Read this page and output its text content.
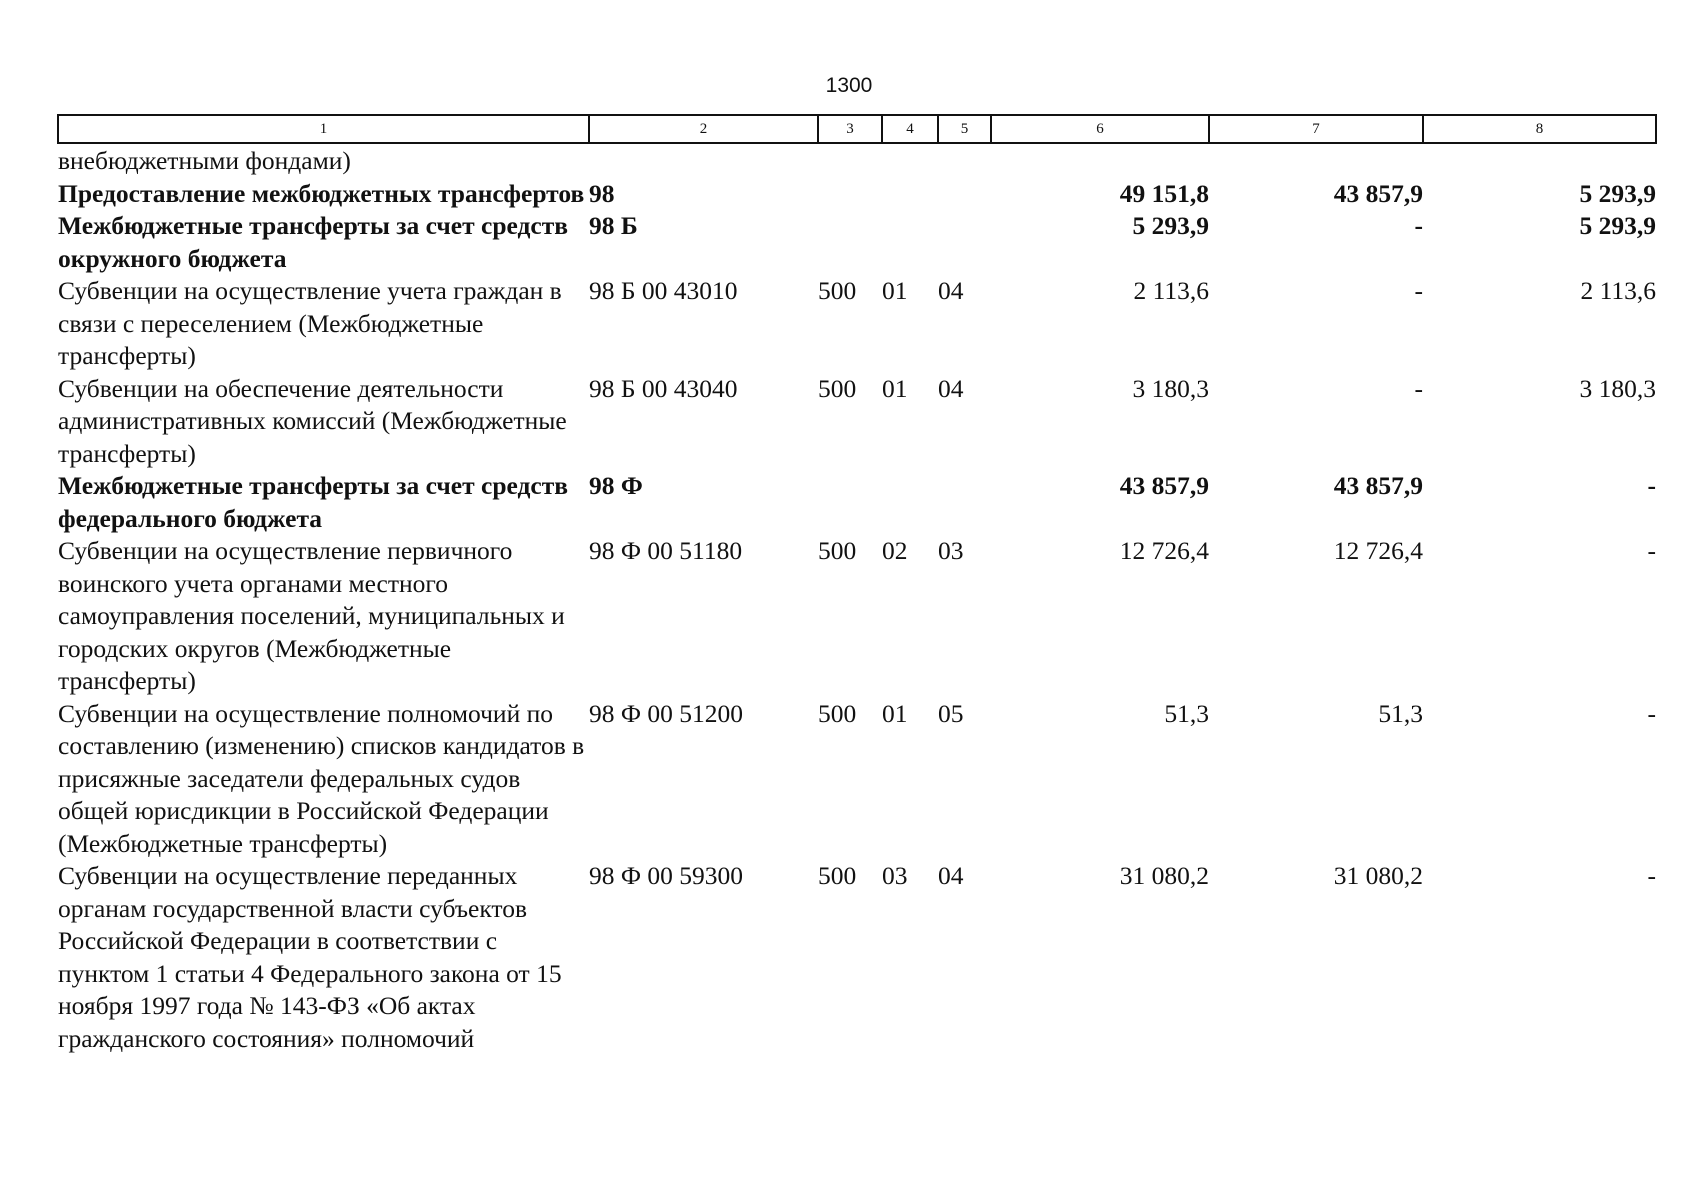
1300
1	2	3	4	5	6	7	8
внебюджетными фондами)							
Предоставление межбюджетных трансфертов	98				49 151,8	43 857,9	5 293,9
Межбюджетные трансферты за счет средств окружного бюджета	98 Б				5 293,9	-	5 293,9
Субвенции на осуществление учета граждан в связи с переселением (Межбюджетные трансферты)	98 Б 00 43010	500	01	04	2 113,6	-	2 113,6
Субвенции на обеспечение деятельности административных комиссий (Межбюджетные трансферты)	98 Б 00 43040	500	01	04	3 180,3	-	3 180,3
Межбюджетные трансферты за счет средств федерального бюджета	98 Ф				43 857,9	43 857,9	-
Субвенции на осуществление первичного воинского учета органами местного самоуправления поселений, муниципальных и городских округов (Межбюджетные трансферты)	98 Ф 00 51180	500	02	03	12 726,4	12 726,4	-
Субвенции на осуществление полномочий по составлению (изменению) списков кандидатов в присяжные заседатели федеральных судов общей юрисдикции в Российской Федерации (Межбюджетные трансферты)	98 Ф 00 51200	500	01	05	51,3	51,3	-
Субвенции на осуществление переданных органам государственной власти субъектов Российской Федерации в соответствии с пунктом 1 статьи 4 Федерального закона от 15 ноября 1997 года № 143-ФЗ «Об актах гражданского состояния» полномочий	98 Ф 00 59300	500	03	04	31 080,2	31 080,2	-
